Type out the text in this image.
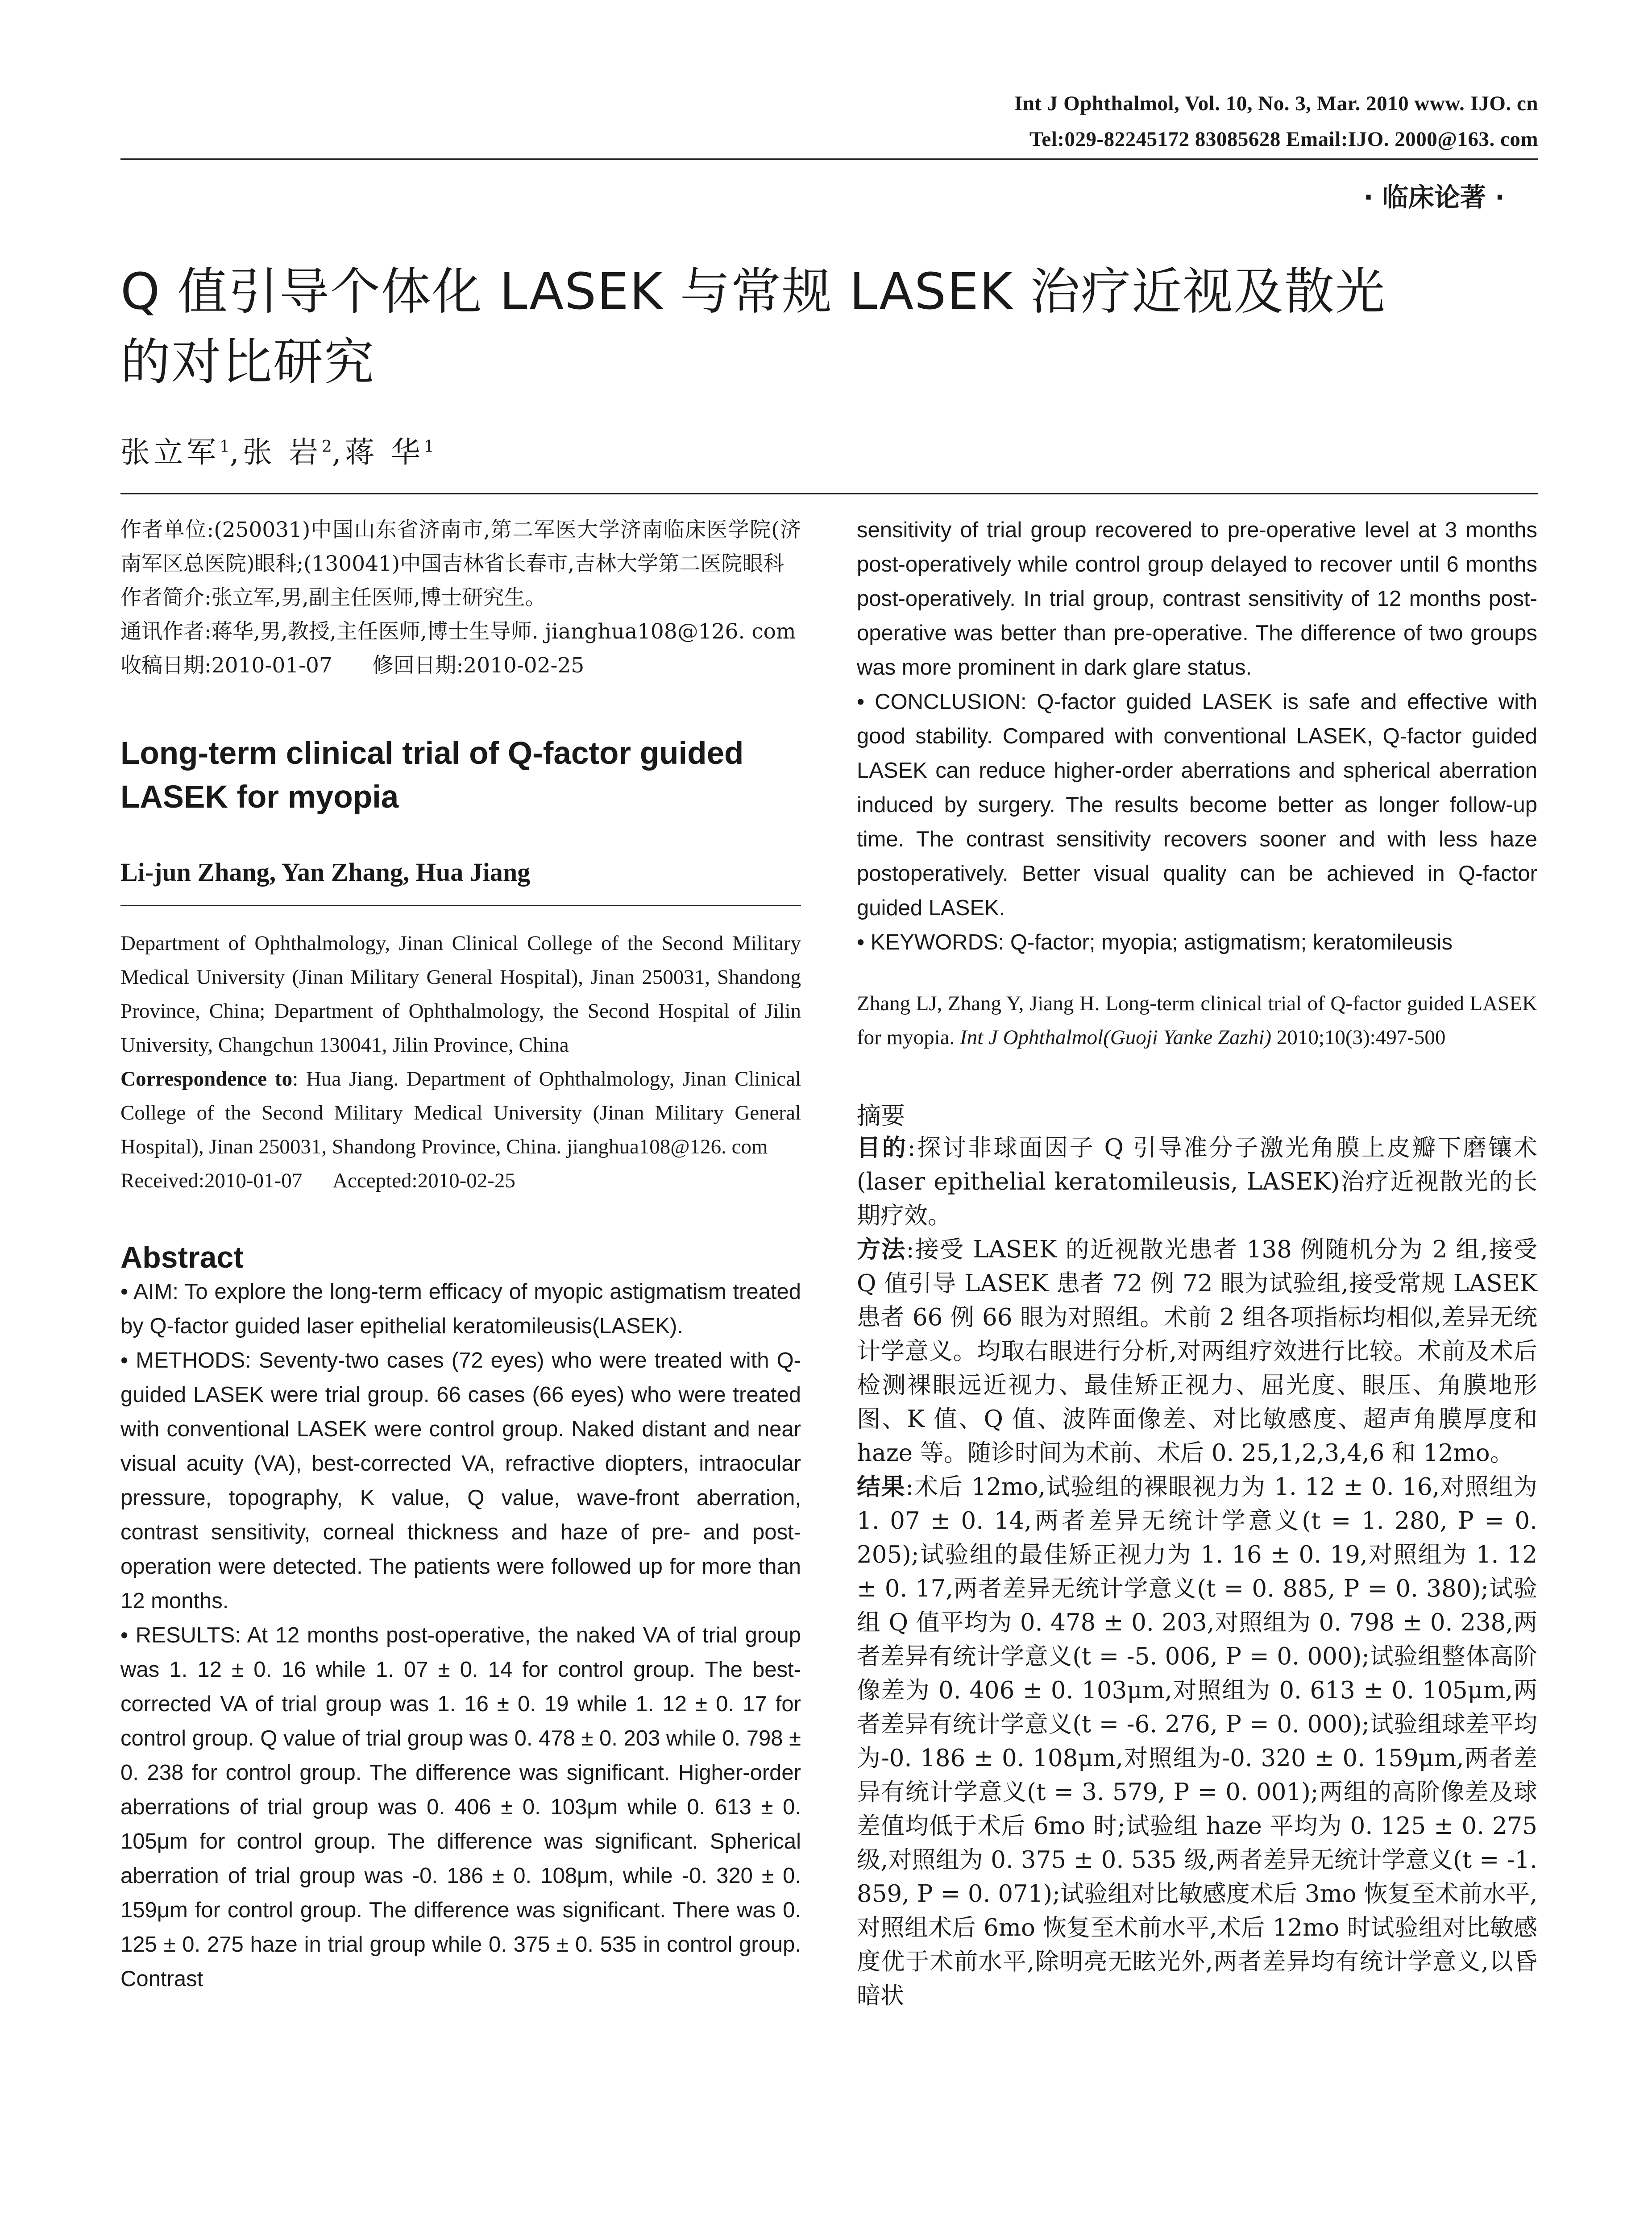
Int J Ophthalmol, Vol. 10, No. 3, Mar. 2010 www. IJO. cn
Tel:029-82245172 83085628 Email:IJO. 2000@163. com
· 临床论著 ·
Q 值引导个体化 LASEK 与常规 LASEK 治疗近视及散光
的对比研究
张立军$^1$,张 岩$^2$,蒋 华$^1$
作者单位:(250031)中国山东省济南市,第二军医大学济南临床医学院(济南军区总医院)眼科;(130041)中国吉林省长春市,吉林大学第二医院眼科
作者简介:张立军,男,副主任医师,博士研究生。
通讯作者:蒋华,男,教授,主任医师,博士生导师. jianghua108@126. com
收稿日期:2010-01-07      修回日期:2010-02-25
Long-term clinical trial of Q-factor guided LASEK for myopia
Li-jun Zhang, Yan Zhang, Hua Jiang
Department of Ophthalmology, Jinan Clinical College of the Second Military Medical University (Jinan Military General Hospital), Jinan 250031, Shandong Province, China; Department of Ophthalmology, the Second Hospital of Jilin University, Changchun 130041, Jilin Province, China
Correspondence to: Hua Jiang. Department of Ophthalmology, Jinan Clinical College of the Second Military Medical University (Jinan Military General Hospital), Jinan 250031, Shandong Province, China. jianghua108@126. com
Received:2010-01-07      Accepted:2010-02-25
Abstract
• AIM: To explore the long-term efficacy of myopic astigmatism treated by Q-factor guided laser epithelial keratomileusis(LASEK).
• METHODS: Seventy-two cases (72 eyes) who were treated with Q-guided LASEK were trial group. 66 cases (66 eyes) who were treated with conventional LASEK were control group. Naked distant and near visual acuity (VA), best-corrected VA, refractive diopters, intraocular pressure, topography, K value, Q value, wave-front aberration, contrast sensitivity, corneal thickness and haze of pre- and post-operation were detected. The patients were followed up for more than 12 months.
• RESULTS: At 12 months post-operative, the naked VA of trial group was 1. 12 ± 0. 16 while 1. 07 ± 0. 14 for control group. The best-corrected VA of trial group was 1. 16 ± 0. 19 while 1. 12 ± 0. 17 for control group. Q value of trial group was 0. 478 ± 0. 203 while 0. 798 ± 0. 238 for control group. The difference was significant. Higher-order aberrations of trial group was 0. 406 ± 0. 103μm while 0. 613 ± 0. 105μm for control group. The difference was significant. Spherical aberration of trial group was -0. 186 ± 0. 108μm, while -0. 320 ± 0. 159μm for control group. The difference was significant. There was 0. 125 ± 0. 275 haze in trial group while 0. 375 ± 0. 535 in control group. Contrast
sensitivity of trial group recovered to pre-operative level at 3 months post-operatively while control group delayed to recover until 6 months post-operatively. In trial group, contrast sensitivity of 12 months post-operative was better than pre-operative. The difference of two groups was more prominent in dark glare status.
• CONCLUSION: Q-factor guided LASEK is safe and effective with good stability. Compared with conventional LASEK, Q-factor guided LASEK can reduce higher-order aberrations and spherical aberration induced by surgery. The results become better as longer follow-up time. The contrast sensitivity recovers sooner and with less haze postoperatively. Better visual quality can be achieved in Q-factor guided LASEK.
• KEYWORDS: Q-factor; myopia; astigmatism; keratomileusis
Zhang LJ, Zhang Y, Jiang H. Long-term clinical trial of Q-factor guided LASEK for myopia. Int J Ophthalmol(Guoji Yanke Zazhi) 2010;10(3):497-500
摘要
目的:探讨非球面因子 Q 引导准分子激光角膜上皮瓣下磨镶术(laser epithelial keratomileusis, LASEK)治疗近视散光的长期疗效。
方法:接受 LASEK 的近视散光患者 138 例随机分为 2 组,接受 Q 值引导 LASEK 患者 72 例 72 眼为试验组,接受常规 LASEK 患者 66 例 66 眼为对照组。术前 2 组各项指标均相似,差异无统计学意义。均取右眼进行分析,对两组疗效进行比较。术前及术后检测裸眼远近视力、最佳矫正视力、屈光度、眼压、角膜地形图、K 值、Q 值、波阵面像差、对比敏感度、超声角膜厚度和 haze 等。随诊时间为术前、术后 0. 25,1,2,3,4,6 和 12mo。
结果:术后 12mo,试验组的裸眼视力为 1. 12 ± 0. 16,对照组为 1. 07 ± 0. 14,两者差异无统计学意义(t = 1. 280, P = 0. 205);试验组的最佳矫正视力为 1. 16 ± 0. 19,对照组为 1. 12 ± 0. 17,两者差异无统计学意义(t = 0. 885, P = 0. 380);试验组 Q 值平均为 0. 478 ± 0. 203,对照组为 0. 798 ± 0. 238,两者差异有统计学意义(t = -5. 006, P = 0. 000);试验组整体高阶像差为 0. 406 ± 0. 103μm,对照组为 0. 613 ± 0. 105μm,两者差异有统计学意义(t = -6. 276, P = 0. 000);试验组球差平均为-0. 186 ± 0. 108μm,对照组为-0. 320 ± 0. 159μm,两者差异有统计学意义(t = 3. 579, P = 0. 001);两组的高阶像差及球差值均低于术后 6mo 时;试验组 haze 平均为 0. 125 ± 0. 275 级,对照组为 0. 375 ± 0. 535 级,两者差异无统计学意义(t = -1. 859, P = 0. 071);试验组对比敏感度术后 3mo 恢复至术前水平,对照组术后 6mo 恢复至术前水平,术后 12mo 时试验组对比敏感度优于术前水平,除明亮无眩光外,两者差异均有统计学意义,以昏暗状
